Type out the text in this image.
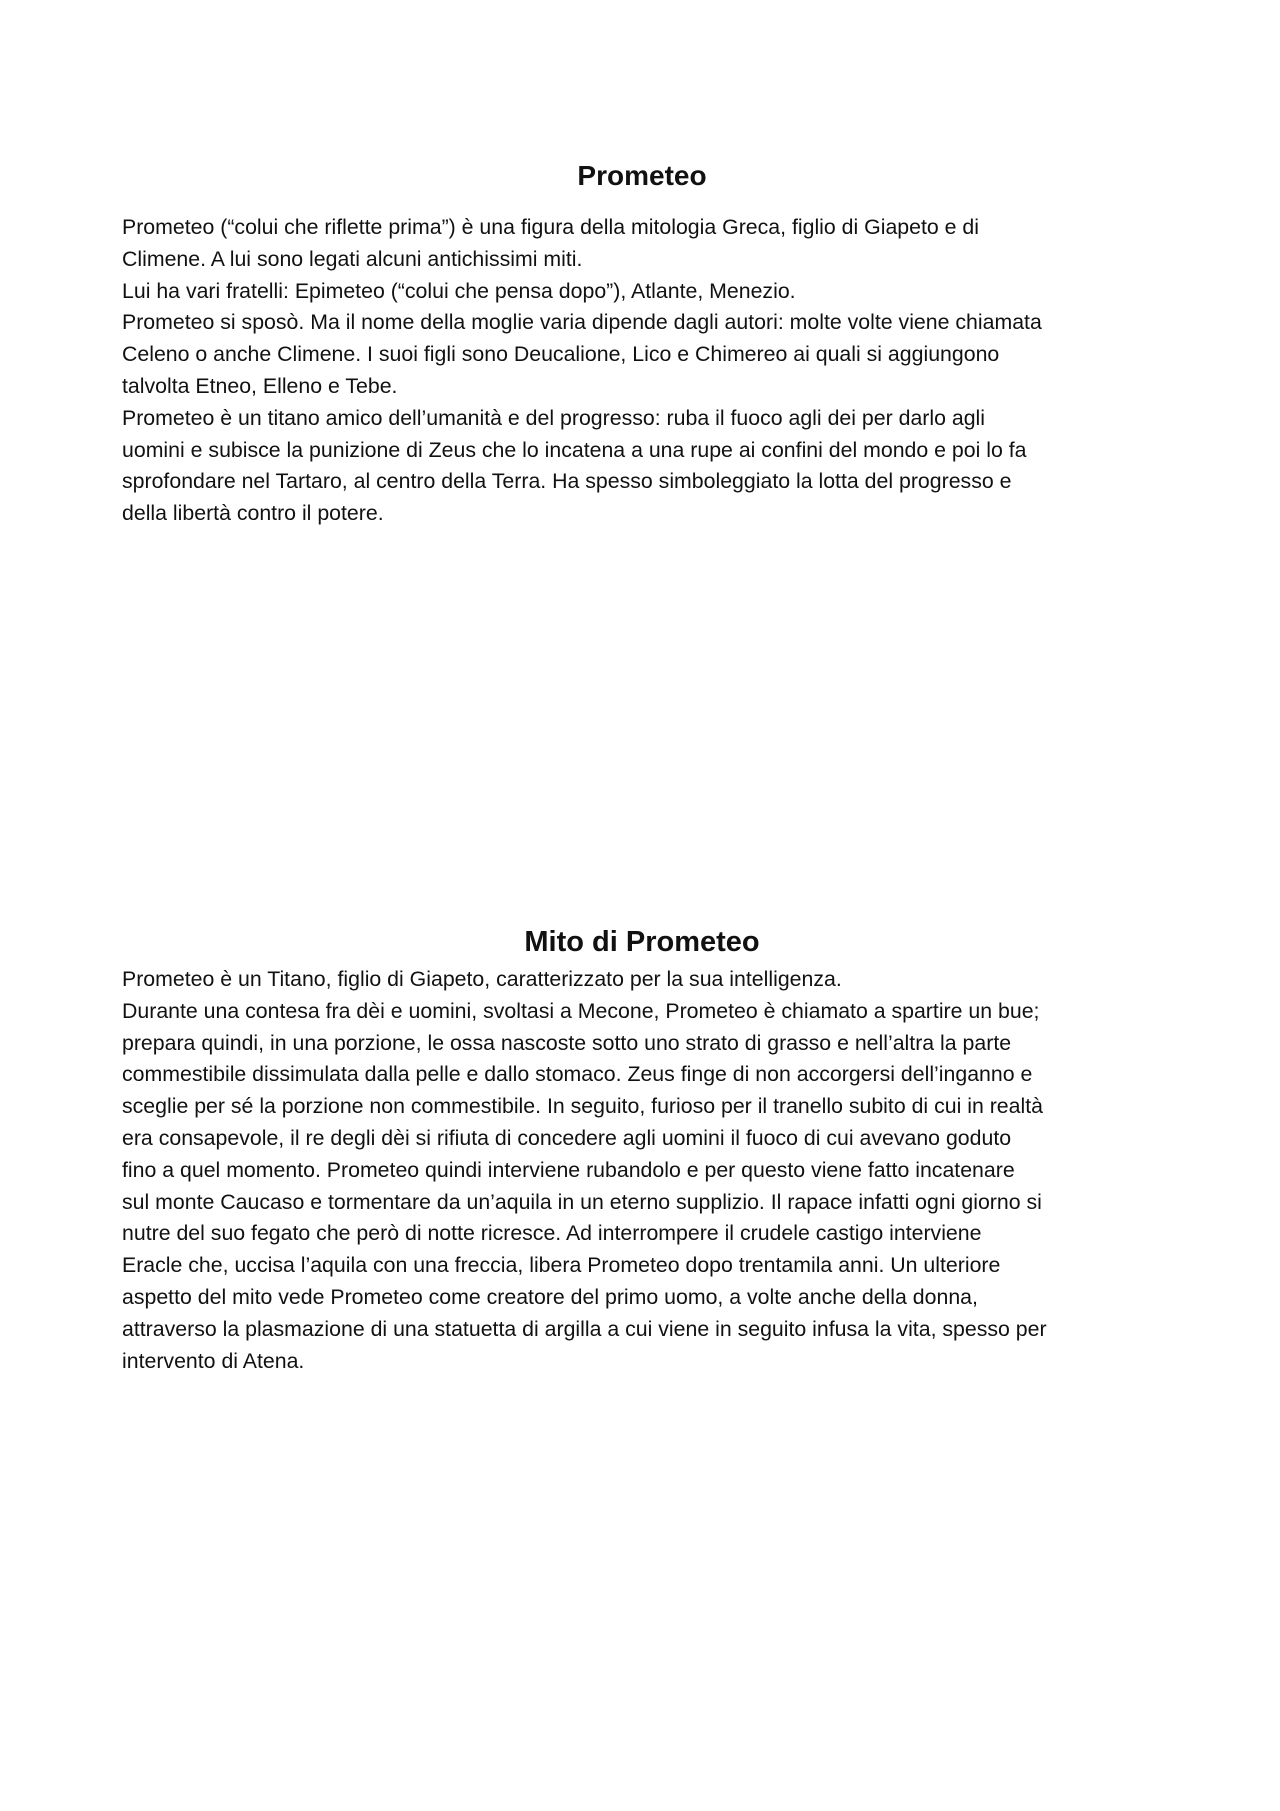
Prometeo
Prometeo (“colui che riflette prima”) è una figura della mitologia Greca, figlio di Giapeto e di
Climene. A lui sono legati alcuni antichissimi miti.
Lui ha vari fratelli: Epimeteo (“colui che pensa dopo”), Atlante, Menezio.
Prometeo si sposò. Ma il nome della moglie varia dipende dagli autori: molte volte viene chiamata
Celeno o anche Climene. I suoi figli sono Deucalione, Lico e Chimereo ai quali si aggiungono
talvolta Etneo, Elleno e Tebe.
Prometeo è un titano amico dell’umanità e del progresso: ruba il fuoco agli dei per darlo agli
uomini e subisce la punizione di Zeus che lo incatena a una rupe ai confini del mondo e poi lo fa
sprofondare nel Tartaro, al centro della Terra. Ha spesso simboleggiato la lotta del progresso e
della libertà contro il potere.
Mito di Prometeo
Prometeo è un Titano, figlio di Giapeto, caratterizzato per la sua intelligenza.
Durante una contesa fra dèi e uomini, svoltasi a Mecone, Prometeo è chiamato a spartire un bue;
prepara quindi, in una porzione, le ossa nascoste sotto uno strato di grasso e nell’altra la parte
commestibile dissimulata dalla pelle e dallo stomaco. Zeus finge di non accorgersi dell’inganno e
sceglie per sé la porzione non commestibile. In seguito, furioso per il tranello subito di cui in realtà
era consapevole, il re degli dèi si rifiuta di concedere agli uomini il fuoco di cui avevano goduto
fino a quel momento. Prometeo quindi interviene rubandolo e per questo viene fatto incatenare
sul monte Caucaso e tormentare da un’aquila in un eterno supplizio. Il rapace infatti ogni giorno si
nutre del suo fegato che però di notte ricresce. Ad interrompere il crudele castigo interviene
Eracle che, uccisa l’aquila con una freccia, libera Prometeo dopo trentamila anni. Un ulteriore
aspetto del mito vede Prometeo come creatore del primo uomo, a volte anche della donna,
attraverso la plasmazione di una statuetta di argilla a cui viene in seguito infusa la vita, spesso per
intervento di Atena.
